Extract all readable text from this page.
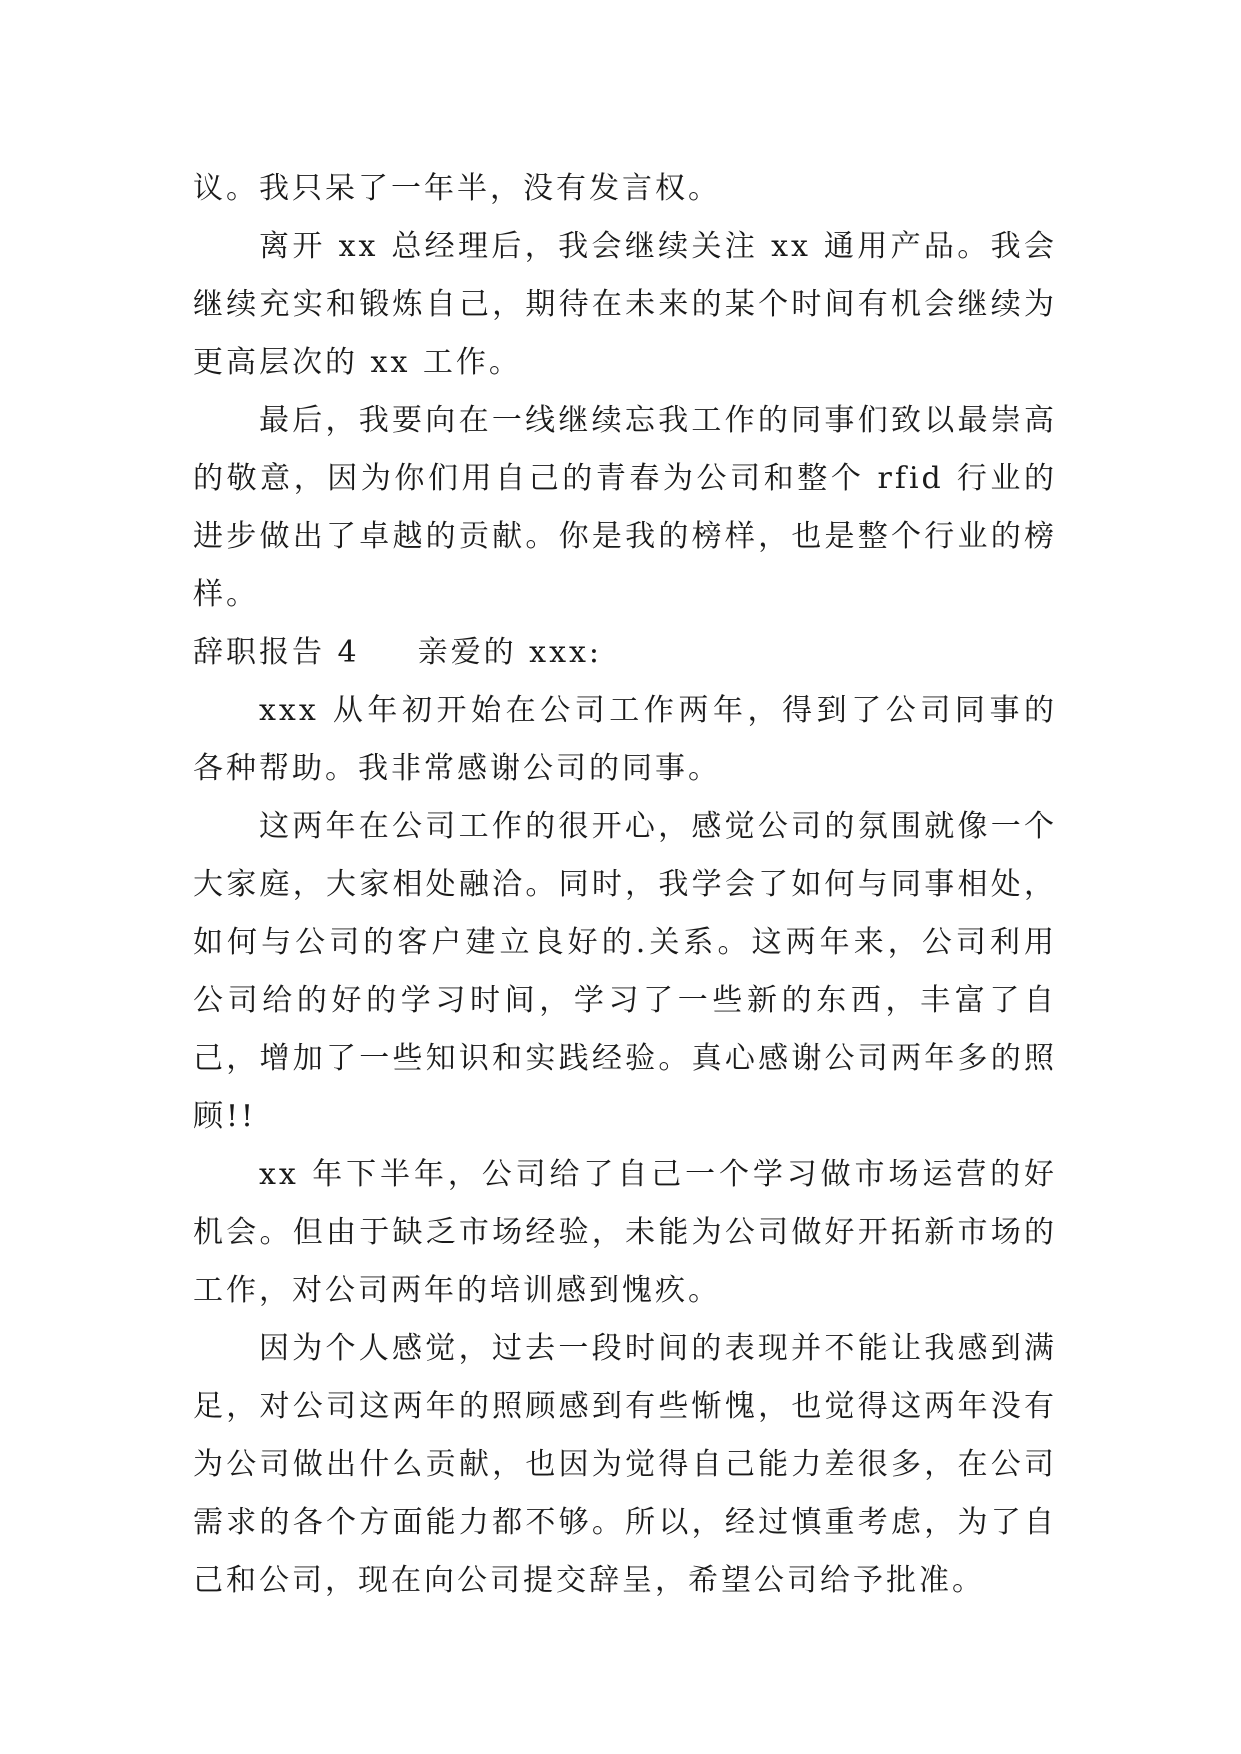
议。我只呆了一年半，没有发言权。

离开 xx 总经理后，我会继续关注 xx 通用产品。我会继续充实和锻炼自己，期待在未来的某个时间有机会继续为更高层次的 xx 工作。

最后，我要向在一线继续忘我工作的同事们致以最崇高的敬意，因为你们用自己的青春为公司和整个 rfid 行业的进步做出了卓越的贡献。你是我的榜样，也是整个行业的榜样。

辞职报告 4 亲爱的 xxx:

xxx 从年初开始在公司工作两年，得到了公司同事的各种帮助。我非常感谢公司的同事。

这两年在公司工作的很开心，感觉公司的氛围就像一个大家庭，大家相处融洽。同时，我学会了如何与同事相处，如何与公司的客户建立良好的.关系。这两年来，公司利用公司给的好的学习时间，学习了一些新的东西，丰富了自己，增加了一些知识和实践经验。真心感谢公司两年多的照顾!!

xx 年下半年，公司给了自己一个学习做市场运营的好机会。但由于缺乏市场经验，未能为公司做好开拓新市场的工作，对公司两年的培训感到愧疚。

因为个人感觉，过去一段时间的表现并不能让我感到满足，对公司这两年的照顾感到有些惭愧，也觉得这两年没有为公司做出什么贡献，也因为觉得自己能力差很多，在公司需求的各个方面能力都不够。所以，经过慎重考虑，为了自己和公司，现在向公司提交辞呈，希望公司给予批准。
